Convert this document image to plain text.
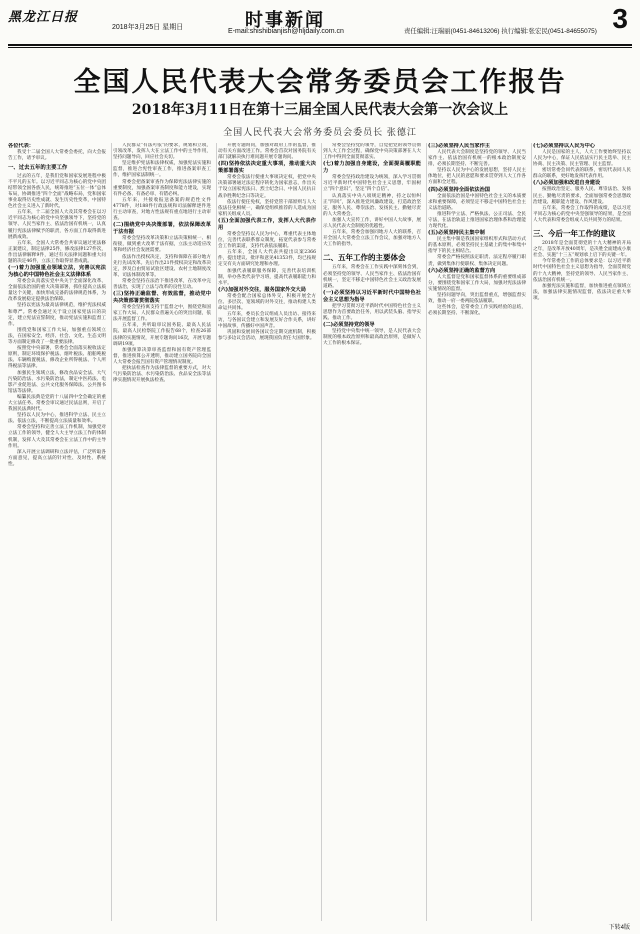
黑龙江日报
2018年3月25日 星期日	时事新闻
E-mail:shishibianjish@hljdaily.com.cn	责任编辑:汪瑞丽(0451-84613206) 执行编辑:张宏民(0451-84655075) 3
全国人民代表大会常务委员会工作报告
2018年3月11日在第十三届全国人民代表大会第一次会议上
全国人民代表大会常务委员会委员长 张德江

各位代表：

我受十二届全国人大常委会委托，向大会报告工作，请予审议。

一、过去五年的主要工作

过去的五年，是我们党和国家发展进程中极不平凡的五年。以习近平同志为核心的党中央团结带领全国各族人民，统筹推进“五位一体”总体布局，协调推进“四个全面”战略布局，党和国家事业取得历史性成就、发生历史性变革，中国特色社会主义进入了新时代。

五年来，十二届全国人大及其常委会在以习近平同志为核心的党中央坚强领导下，坚持党的领导、人民当家作主、依法治国有机统一，认真履行宪法法律赋予的职责，各方面工作取得新进展新成效。

五年来，全国人大常委会共审议通过宪法修正案建议，制定法律25件，修改法律127件次，作出法律解释9件，通过有关法律问题和重大问题的决定46件，立法工作取得显著成就。

(一)着力加强重点领域立法，完善以宪法为核心的中国特色社会主义法律体系

常委会认真落实党中央关于全面深化改革、全面依法治国的重大决策部署，抓住提高立法质量这个关键，加快形成完备的法律规范体系，为改革发展稳定提供法治保障。

坚持以宪法为最高法律规范，维护宪法权威和尊严。常委会通过关于设立国家宪法日的决定，建立宪法宣誓制度，推动宪法实施和监督工作。

围绕党和国家工作大局，加强重点领域立法，在国家安全、经济、社会、文化、生态文明等方面制定修改了一批重要法律。

按照党中央部署，常委会全面落实税收法定原则，制定环境保护税法、烟叶税法、船舶吨税法、车辆购置税法，修改企业所得税法、个人所得税法等法律。

加强民生领域立法，修改食品安全法、大气污染防治法、水污染防治法，制定中医药法、电影产业促进法、公共文化服务保障法、公共图书馆法等法律。

编纂民法典是党的十八届四中全会确定的重大立法任务。常委会审议通过民法总则，开启了我国民法典时代。

坚持以人民为中心，推进科学立法、民主立法、依法立法，不断提高立法质量和效率。

常委会坚持和完善立法工作机制，加强党对立法工作的领导，健全人大主导立法工作的体制机制，发挥人大及其常委会在立法工作中的主导作用。

深入开展立法调研和立法评估，广泛听取各方面意见，提高立法的针对性、及时性、系统性。

人民群众“有法可依”的要求，规划和立项，引领改革，发挥人大在立法工作中的主导作用，坚持问题导向，回应社会关切。

坚定维护宪法和法律权威，加强宪法实施和监督，推进合宪性审查工作，推进备案审查工作，维护国家法制统一。

常委会把备案审查作为保障宪法法律实施的重要制度，加强备案审查制度和能力建设，实现有件必备、有备必审、有错必纠。

五年来，共接收报送备案的规范性文件4778件，对188件行政法规和司法解释逐件进行主动审查，对地方性法规有重点地进行主动审查。

(二)围绕党中央决策部署，依法保障改革于法有据

常委会坚持改革决策和立法决策相统一、相衔接，做到重大改革于法有据，立法主动适应改革和经济社会发展需要。

依法作出授权决定，支持和保障在部分地方先行先试改革。先后作出21件授权决定和改革决定，涉及自由贸易试验区建设、农村土地制度改革、司法体制改革等。

常委会坚持在法治下推进改革，在改革中完善法治，实现了立法与改革的良性互动。

(三)坚持正确监督、有效监督，推动党中央决策部署贯彻落实

常委会坚持寓支持于监督之中，围绕党和国家工作大局、人民群众普遍关心的突出问题，依法开展监督工作。

五年来，共听取审议国务院、最高人民法院、最高人民检察院工作报告68个，检查26部法律的实施情况，开展专题询问16次，开展专题调研19项。

加强预算决算审查监督和国有资产管理监督，推进预算公开透明，推动建立国务院向全国人大常委会报告国有资产管理情况制度。

把执法检查作为法律监督的重要方式，对大气污染防治法、水污染防治法、食品安全法等法律实施情况开展执法检查。

开展专题询问，加强对政府工作的监督，推动有关方面改进工作。常委会首次对国务院有关部门就解决执行难问题开展专题询问。

(四)坚持依法决定重大事项，推动重大决策部署落实

常委会依法行使重大事项决定权，把党中央决策部署通过法定程序转化为国家意志，作出关于设立国家宪法日、烈士纪念日、中国人民抗日战争胜利纪念日等决定。

依法行使任免权，坚持党管干部原则与人大依法任免相统一，确保党组织推荐的人选成为国家机关组成人员。

(五)全面加强代表工作，发挥人大代表作用

常委会坚持以人民为中心，尊重代表主体地位，完善代表联系群众制度，拓宽代表参与常委会工作的渠道，支持代表依法履职。

五年来，全国人大代表共提出议案2366件，提出建议、批评和意见41353件，均已按规定交有关方面研究处理和办理。

加强代表履职服务保障，完善代表培训机制，举办各类代表学习班，提高代表履职能力和水平。

(六)加强对外交往，服务国家外交大局

常委会配合国家总体外交，积极开展全方位、多层次、宽领域的对外交往，推动构建人类命运共同体。

五年来，委员长会议组成人员出访、接待来访，与各国议会建立和发展友好合作关系，讲好中国故事，传播好中国声音。

巩固和发展同各国议会定期交流机制，积极参与多边议会活动，展现我国负责任大国形象。

常委会坚持党的领导，自觉把党的领导贯彻到人大工作全过程，确保党中央决策部署在人大工作中得到全面贯彻落实。

(七)着力加强自身建设，全面提高履职能力

常委会坚持政治建设为统领，深入学习贯彻习近平新时代中国特色社会主义思想，牢固树立“四个意识”，坚定“四个自信”。

认真落实中央八项规定精神，持之以恒纠正“四风”，深入推进党风廉政建设，打造政治坚定、服务人民、尊崇法治、发扬民主、勤勉尽责的人大常委会。

加强人大宣传工作，讲好中国人大故事，展示人民代表大会制度的优越性。

五年来，常委会加强同地方人大的联系，召开全国人大常委会立法工作会议，加强对地方人大工作的指导。

二、五年工作的主要体会

五年来，常委会在工作实践中深刻体会到，必须坚持党的领导、人民当家作主、依法治国有机统一，坚定不移走中国特色社会主义政治发展道路。

(一)必须坚持以习近平新时代中国特色社会主义思想为指导

把学习贯彻习近平新时代中国特色社会主义思想作为首要政治任务，用以武装头脑、指导实践、推动工作。

(二)必须坚持党的领导

坚持党中央集中统一领导，是人民代表大会制度的根本政治原则和最高政治原则，是做好人大工作的根本保证。

(三)必须坚持人民当家作主

人民代表大会制度是坚持党的领导、人民当家作主、依法治国有机统一的根本政治制度安排，必须长期坚持、不断完善。

坚持以人民为中心的发展思想，坚持人民主体地位，把人民的意愿和要求贯穿到人大工作各方面和全过程。

(四)必须坚持全面依法治国

全面依法治国是中国特色社会主义的本质要求和重要保障，必须坚定不移走中国特色社会主义法治道路。

推进科学立法、严格执法、公正司法、全民守法，在法治轨道上推进国家治理体系和治理能力现代化。

(五)必须坚持民主集中制

民主集中制是我国国家组织形式和活动方式的基本原则，必须坚持民主基础上的集中和集中指导下的民主相结合。

常委会严格按照法定职责、法定程序履行职责，做到集体行使职权、集体决定问题。

(六)必须坚持正确的监督方向

人大监督是党和国家监督体系的重要组成部分，要围绕党和国家工作大局，加强对宪法法律实施情况的监督。

坚持问题导向，突出监督重点，增强监督实效，推动一府一委两院依法履职。

这些体会，是常委会工作实践经验的总结，必须长期坚持、不断深化。

(七)必须坚持以人民为中心

人民是国家的主人，人大工作要始终坚持以人民为中心，保证人民依法实行民主选举、民主协商、民主决策、民主管理、民主监督。

密切常委会同代表的联系，密切代表同人民群众的联系，更好地发挥代表作用。

(八)必须加强和改进自身建设

按照政治坚定、服务人民、尊崇法治、发扬民主、勤勉尽责的要求，全面加强常委会思想政治建设、履职能力建设、作风建设。

五年来，常委会工作取得的成绩，是以习近平同志为核心的党中央坚强领导的结果，是全国人大代表和常委会组成人员共同努力的结果。

三、今后一年工作的建议

2018年是全面贯彻党的十九大精神的开局之年，是改革开放40周年，是决胜全面建成小康社会、实施“十三五”规划承上启下的关键一年。

今年常委会工作的总体要求是：以习近平新时代中国特色社会主义思想为指导，全面贯彻党的十九大精神，坚持党的领导、人民当家作主、依法治国有机统一。

加强宪法实施和监督，加快推进重点领域立法，加强法律实施情况监督，依法决定重大事项。

下转4版
